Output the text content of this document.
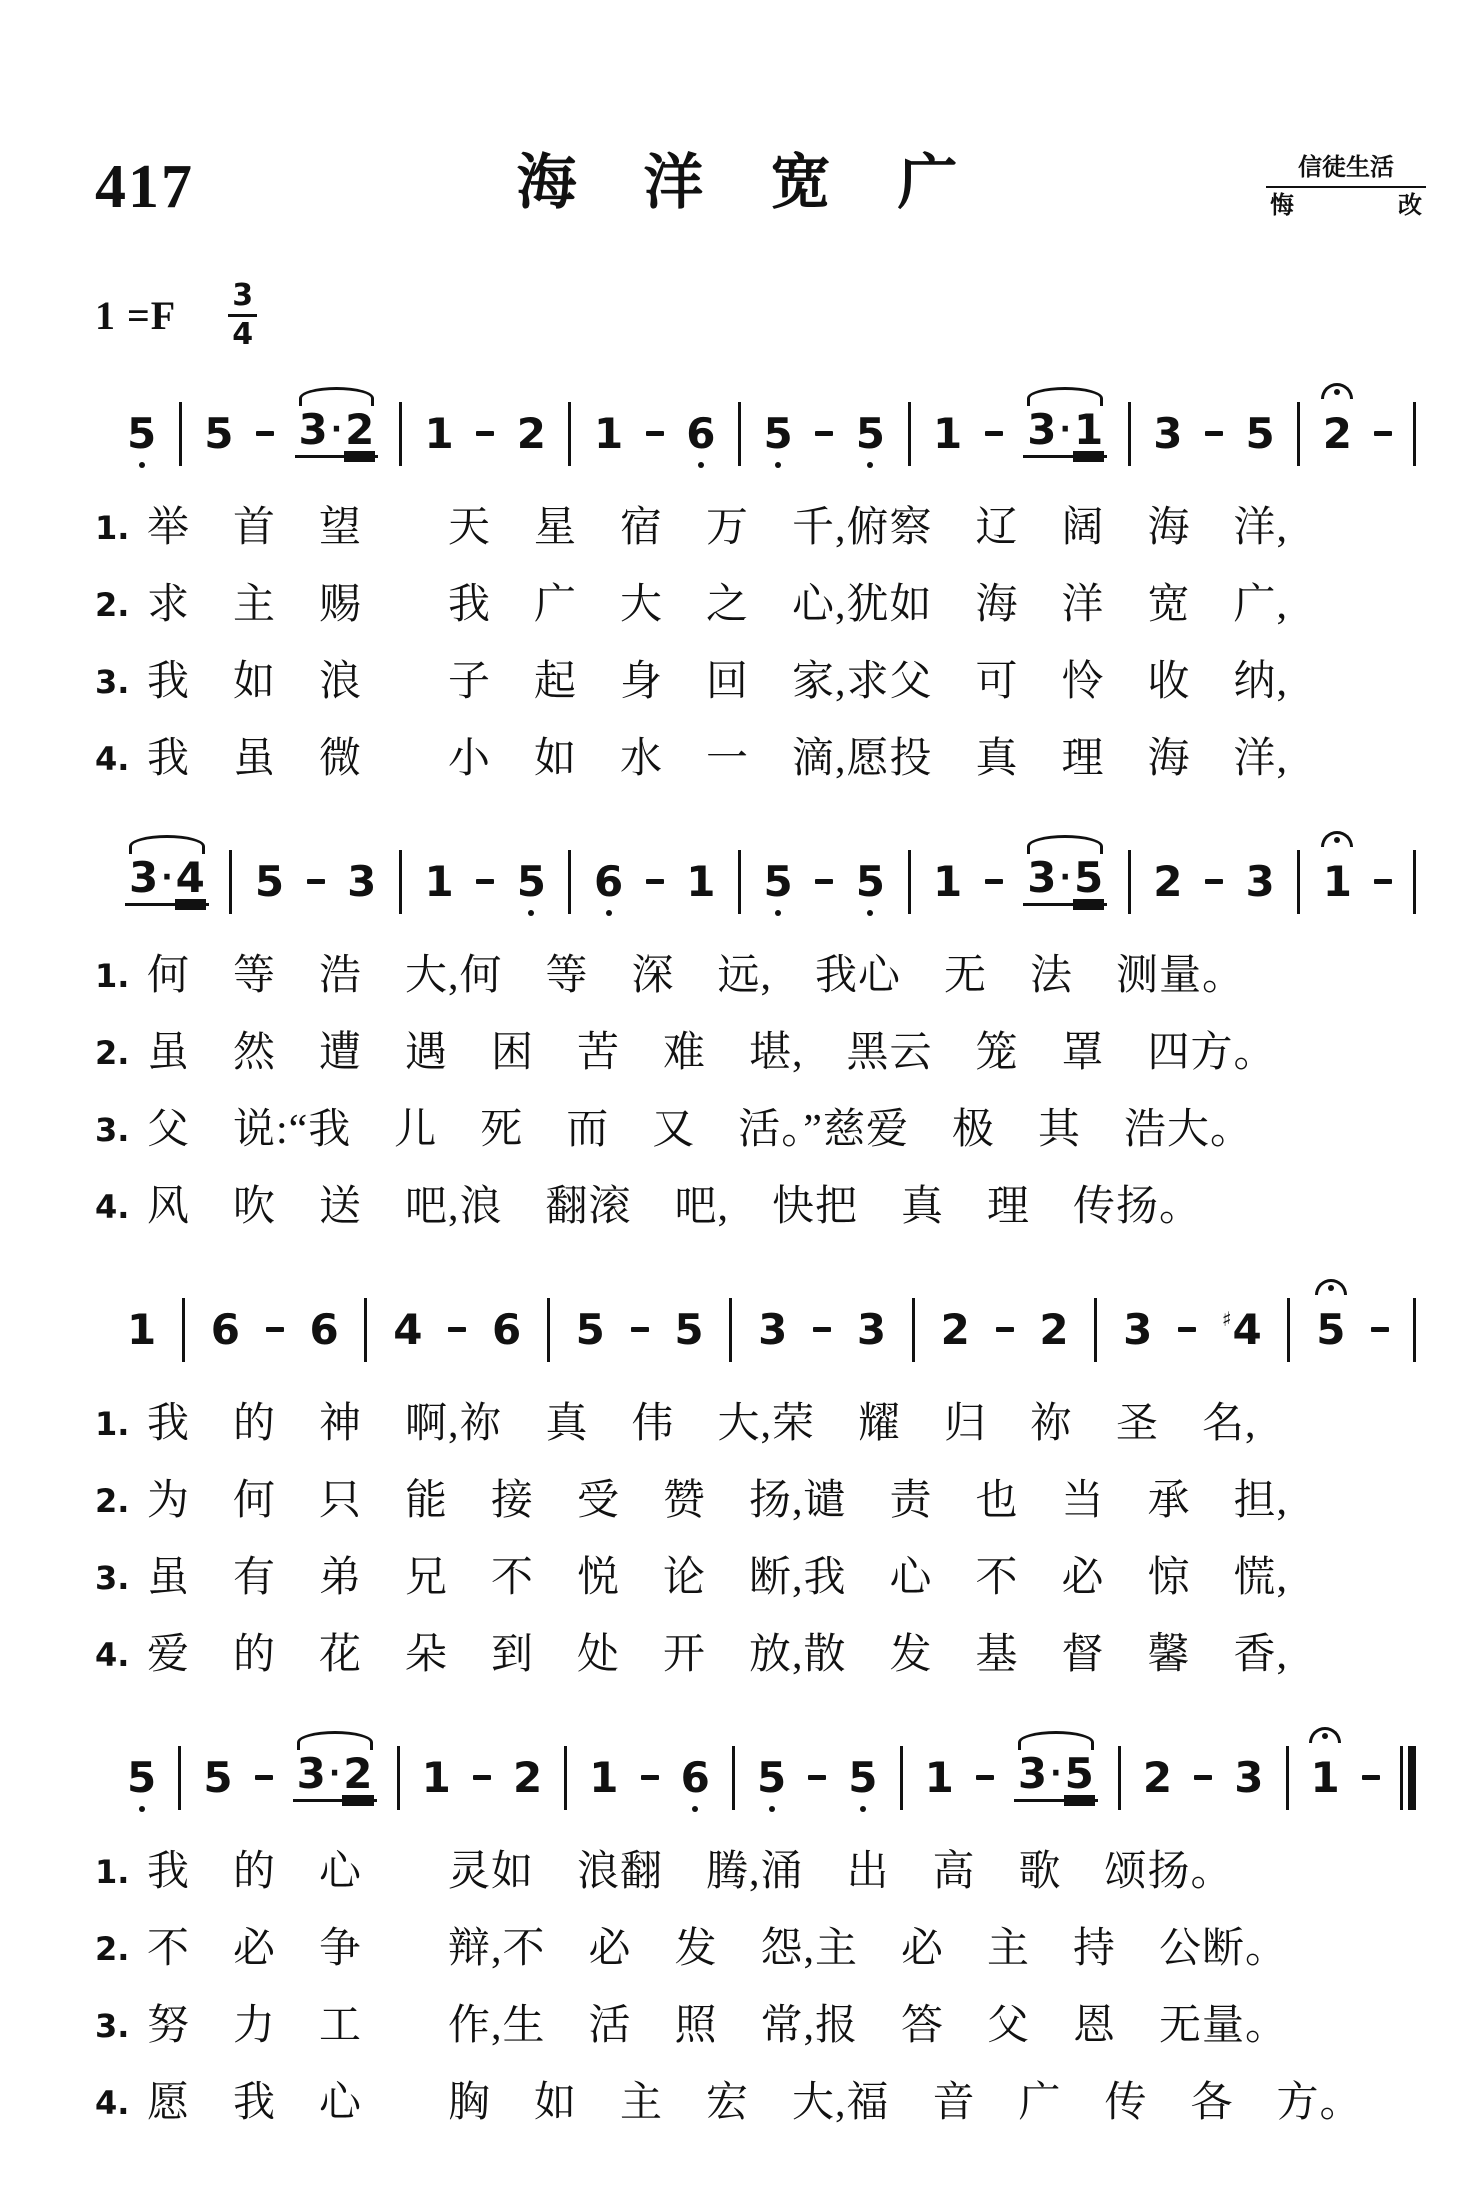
417	海 洋 宽 广	信徒生活
悔	改
$1 =F \frac{3}{4}$
5 5 3 · 2 1 2 1 6 5 5 1 3 · 1 3 5 2
1. 举　首　望　　天　星　宿　万　千,俯察　辽　阔　海　洋,
2. 求　主　赐　　我　广　大　之　心,犹如　海　洋　宽　广,
3. 我　如　浪　　子　起　身　回　家,求父　可　怜　收　纳,
4. 我　虽　微　　小　如　水　一　滴,愿投　真　理　海　洋,
3 · 4 5 3 1 5 6 1 5 5 1 3 · 5 2 3 1
1. 何　等　浩　大,何　等　深　远,　我心　无　法　测量。
2. 虽　然　遭　遇　困　苦　难　堪,　黑云　笼　罩　四方。
3. 父　说:“我　儿　死　而　又　活。”慈爱　极　其　浩大。
4. 风　吹　送　吧,浪　翻滚　吧,　快把　真　理　传扬。
1 6 6 4 6 5 5 3 3 2 2 3	♯4 5
1. 我　的　神　啊,祢　真　伟　大,荣　耀　归　祢　圣　名,
2. 为　何　只　能　接　受　赞　扬,谴　责　也　当　承　担,
3. 虽　有　弟　兄　不　悦　论　断,我　心　不　必　惊　慌,
4. 爱　的　花　朵　到　处　开　放,散　发　基　督　馨　香,
5 5 3 · 2 1 2 1 6 5 5 1 3 · 5 2 3 1
1. 我　的　心　　灵如　浪翻　腾,涌　出　高　歌　颂扬。
2. 不　必　争　　辩,不　必　发　怨,主　必　主　持　公断。
3. 努　力　工　　作,生　活　照　常,报　答　父　恩　无量。
4. 愿　我　心　　胸　如　主　宏　大,福　音　广　传　各　方。
